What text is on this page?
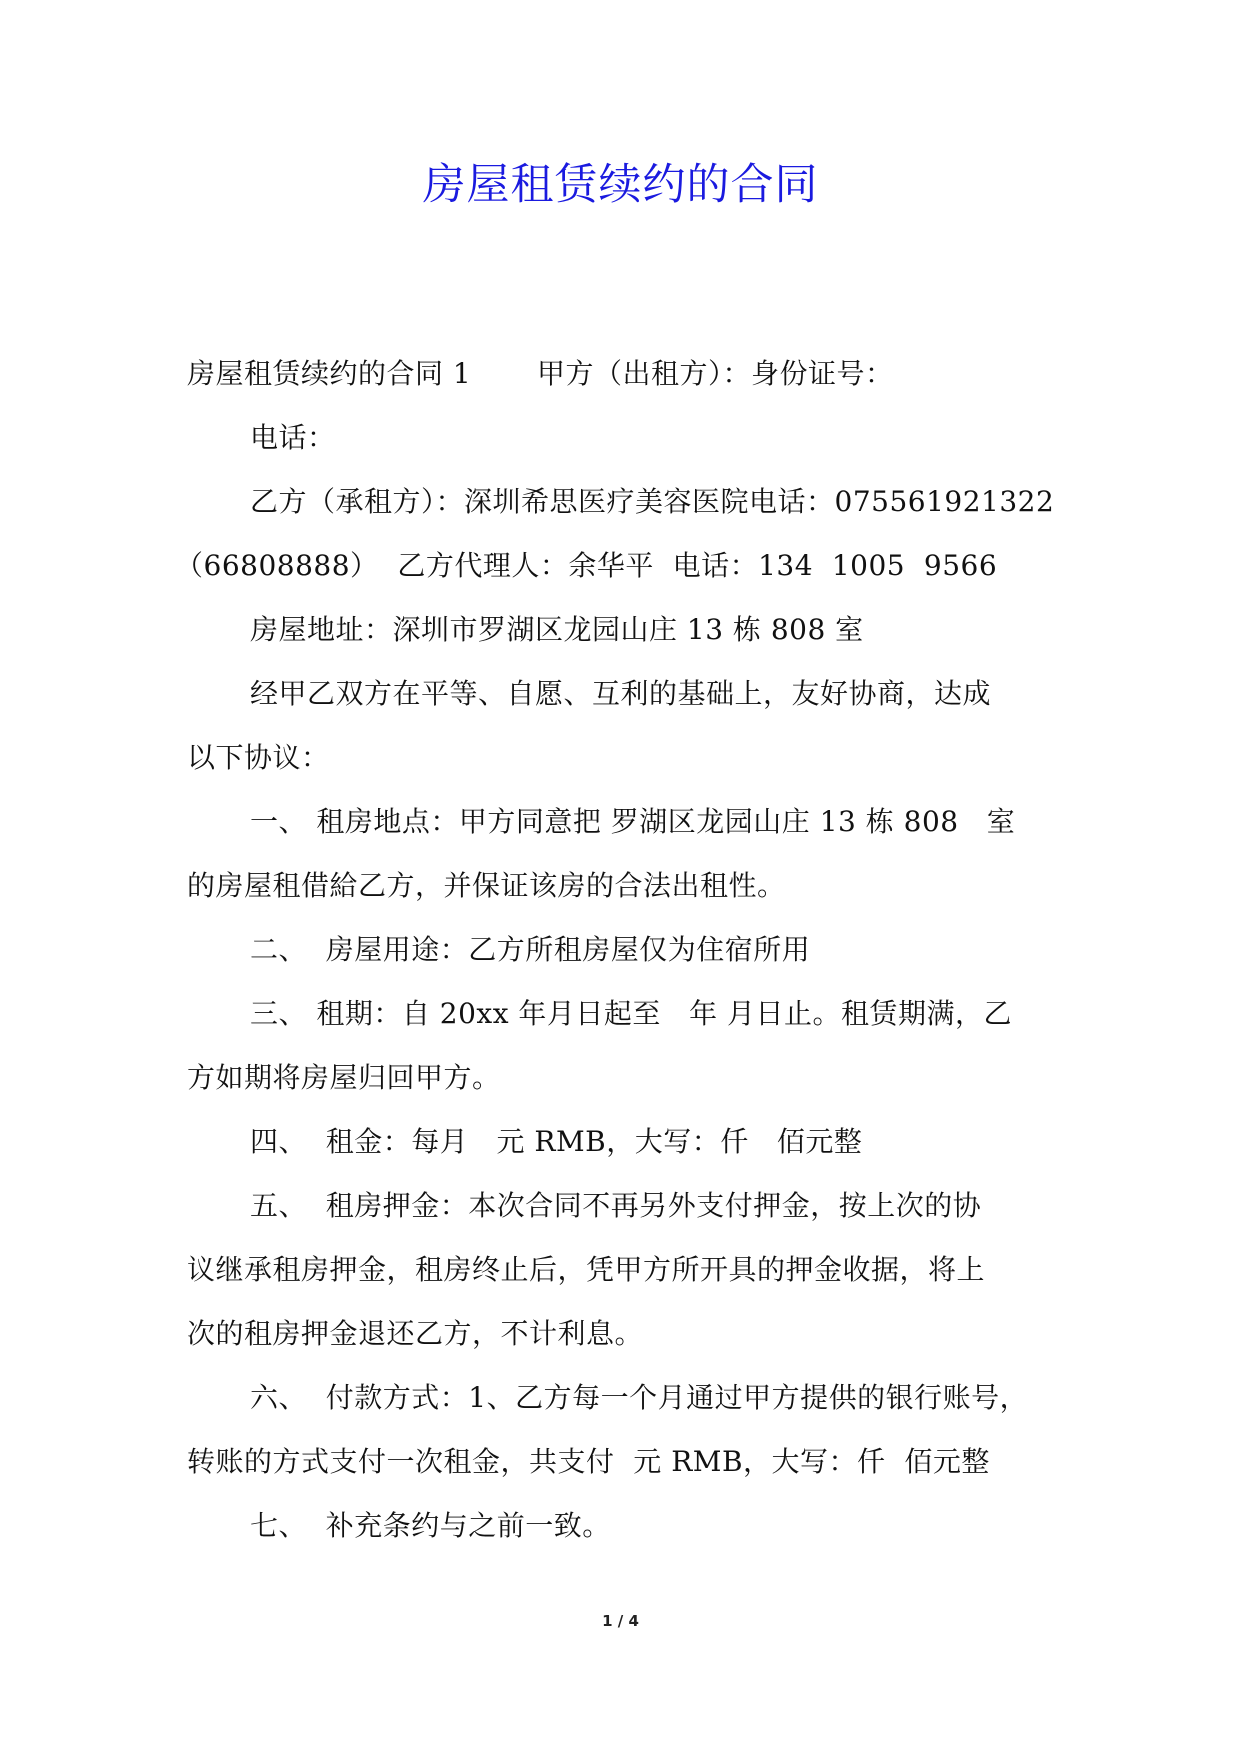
房屋租赁续约的合同
房屋租赁续约的合同 1       甲方（出租方）：身份证号：
电话：
乙方（承租方）：深圳希思医疗美容医院电话：075561921322
（66808888）  乙方代理人：余华平  电话：134  1005  9566
房屋地址：深圳市罗湖区龙园山庄 13 栋 808 室
经甲乙双方在平等、自愿、互利的基础上，友好协商，达成
以下协议：
一、 租房地点：甲方同意把 罗湖区龙园山庄 13 栋 808   室
的房屋租借給乙方，并保证该房的合法出租性。
二、  房屋用途：乙方所租房屋仅为住宿所用
三、 租期：自 20xx 年月日起至   年 月日止。租赁期满，乙
方如期将房屋归回甲方。
四、  租金：每月   元 RMB，大写：仟   佰元整
五、  租房押金：本次合同不再另外支付押金，按上次的协
议继承租房押金，租房终止后，凭甲方所开具的押金收据，将上
次的租房押金退还乙方，不计利息。
六、  付款方式：1、乙方每一个月通过甲方提供的银行账号，
转账的方式支付一次租金，共支付  元 RMB，大写：仟  佰元整
七、  补充条约与之前一致。
1 / 4
